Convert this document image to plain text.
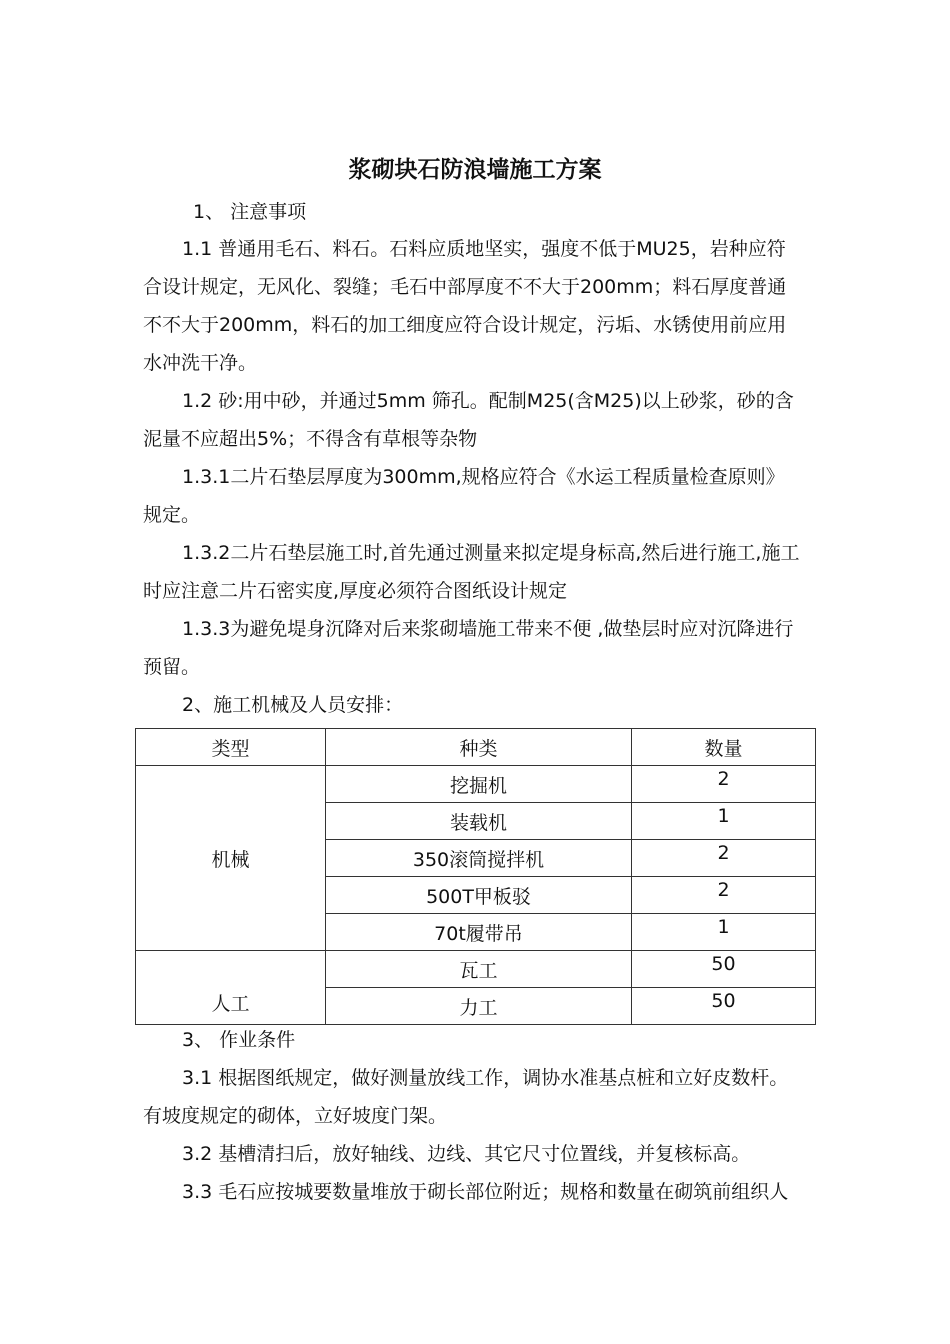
浆砌块石防浪墙施工方案
1、 注意事项
1.1 普通用毛石、料石。石料应质地坚实，强度不低于MU25，岩种应符
合设计规定，无风化、裂缝；毛石中部厚度不不大于200mm；料石厚度普通
不不大于200mm，料石的加工细度应符合设计规定，污垢、水锈使用前应用
水冲洗干净。
1.2 砂:用中砂，并通过5mm 筛孔。配制M25(含M25)以上砂浆，砂的含
泥量不应超出5%；不得含有草根等杂物
1.3.1二片石垫层厚度为300mm,规格应符合《水运工程质量检查原则》
规定。
1.3.2二片石垫层施工时,首先通过测量来拟定堤身标高,然后进行施工,施工
时应注意二片石密实度,厚度必须符合图纸设计规定
1.3.3为避免堤身沉降对后来浆砌墙施工带来不便 ,做垫层时应对沉降进行
预留。
2、施工机械及人员安排：
类型	种类	数量
机械	挖掘机	2
	装载机	1
	350滚筒搅拌机	2
	500T甲板驳	2
	70t履带吊	1
人工	瓦工	50
	力工	50
3、 作业条件
3.1 根据图纸规定，做好测量放线工作，调协水准基点桩和立好皮数杆。
有坡度规定的砌体，立好坡度门架。
3.2 基槽清扫后，放好轴线、边线、其它尺寸位置线，并复核标高。
3.3 毛石应按城要数量堆放于砌长部位附近；规格和数量在砌筑前组织人
